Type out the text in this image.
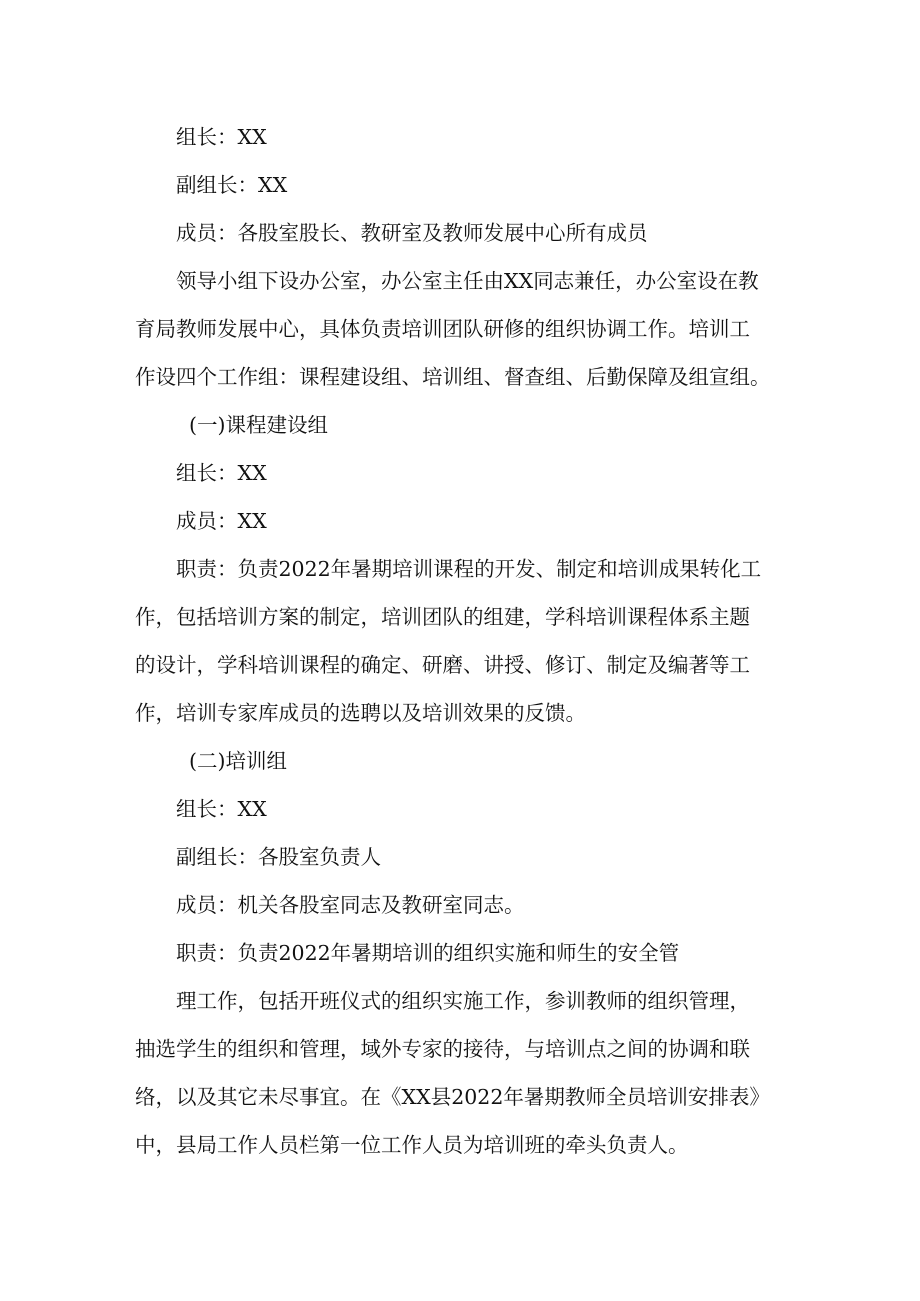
组长：XX

副组长：XX

成员：各股室股长、教研室及教师发展中心所有成员

领导小组下设办公室，办公室主任由XX同志兼任，办公室设在教

育局教师发展中心，具体负责培训团队研修的组织协调工作。培训工

作设四个工作组：课程建设组、培训组、督查组、后勤保障及组宣组。

(一)课程建设组

组长：XX

成员：XX

职责：负责2022年暑期培训课程的开发、制定和培训成果转化工

作，包括培训方案的制定，培训团队的组建，学科培训课程体系主题

的设计，学科培训课程的确定、研磨、讲授、修订、制定及编著等工

作，培训专家库成员的选聘以及培训效果的反馈。

(二)培训组

组长：XX

副组长：各股室负责人

成员：机关各股室同志及教研室同志。

职责：负责2022年暑期培训的组织实施和师生的安全管

理工作，包括开班仪式的组织实施工作，参训教师的组织管理，

抽选学生的组织和管理，域外专家的接待，与培训点之间的协调和联

络，以及其它未尽事宜。在《XX县2022年暑期教师全员培训安排表》

中，县局工作人员栏第一位工作人员为培训班的牵头负责人。
